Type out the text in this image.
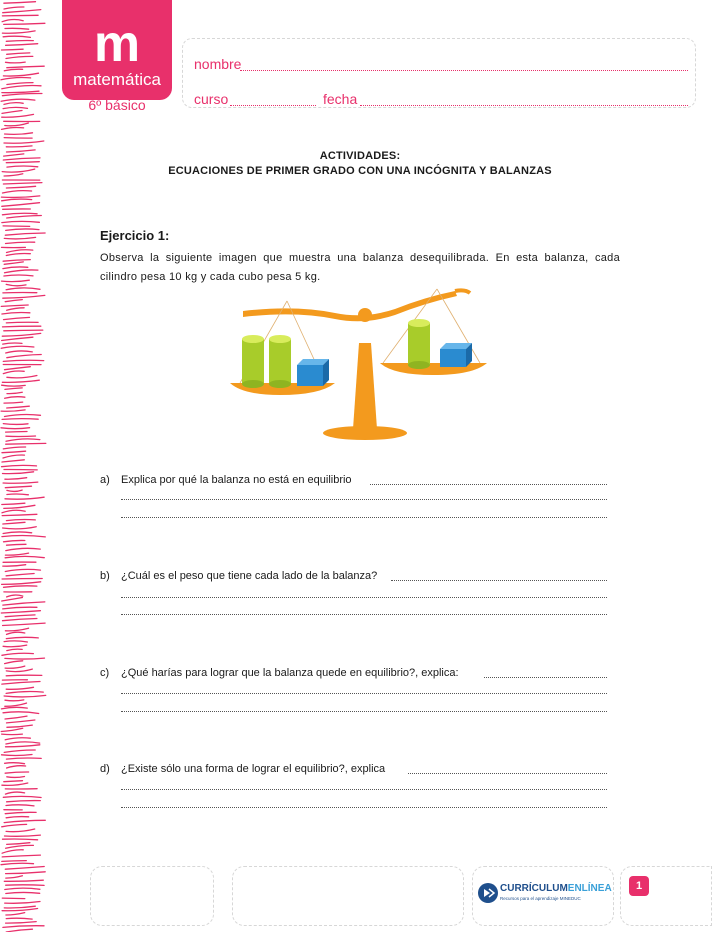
m
matemática
6º básico
nombre
curso	fecha
ACTIVIDADES:
ECUACIONES DE PRIMER GRADO CON UNA INCÓGNITA Y BALANZAS
Ejercicio 1:
Observa la siguiente imagen que muestra una balanza desequilibrada. En esta balanza, cada cilindro pesa 10 kg y cada cubo pesa 5 kg.
a) Explica por qué la balanza no está en equilibrio
b) ¿Cuál es el peso que tiene cada lado de la balanza?
c) ¿Qué harías para lograr que la balanza quede en equilibrio?, explica:
d) ¿Existe sólo una forma de lograr el equilibrio?, explica
CURRÍCULUMENLÍNEA
Recursos para el aprendizaje MINEDUC
1
